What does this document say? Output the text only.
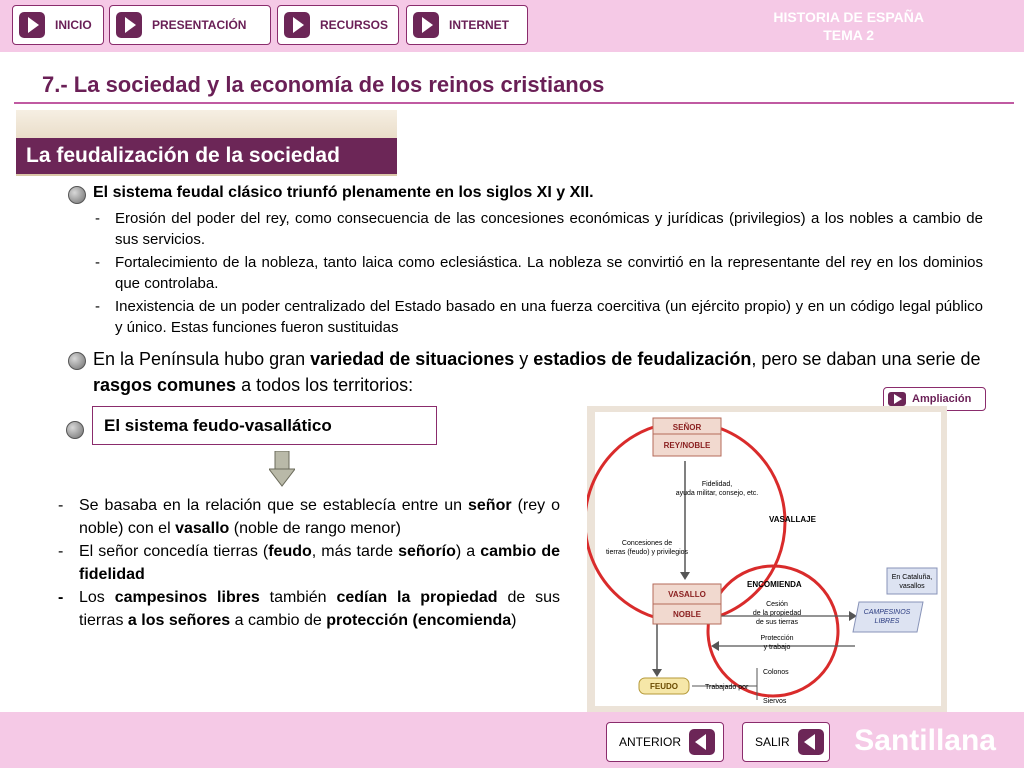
INICIO	PRESENTACIÓN	RECURSOS	INTERNET	HISTORIA DE ESPAÑA
TEMA 2
7.- La sociedad y la economía de los reinos cristianos
La feudalización de la sociedad
El sistema feudal clásico triunfó plenamente en los siglos XI y XII.
- Erosión del poder del rey, como consecuencia de las concesiones económicas y jurídicas (privilegios) a los nobles a cambio de sus servicios.
- Fortalecimiento de la nobleza, tanto laica como eclesiástica. La nobleza se convirtió en la representante del rey en los dominios que controlaba.
- Inexistencia de un poder centralizado del Estado basado en una fuerza coercitiva (un ejército propio) y en un código legal público y único. Estas funciones fueron sustituidas
En la Península hubo gran variedad de situaciones y estadios de feudalización, pero se daban una serie de rasgos comunes a todos los territorios:
Ampliación
El sistema feudo-vasallático
- Se basaba en la relación que se establecía entre un señor (rey o noble) con el vasallo (noble de rango menor)
- El señor concedía tierras (feudo, más tarde señorío) a cambio de fidelidad
- Los campesinos libres también cedían la propiedad de sus tierras a los señores a cambio de protección (encomienda)
SEÑOR
REY/NOBLE
Fidelidad,
ayuda militar, consejo, etc.
VASALLAJE
Concesiones de
tierras (feudo) y privilegios
ENCOMIENDA
VASALLO
NOBLE
Cesión
de la propiedad
de sus tierras
Protección
y trabajo
En Cataluña,
vasallos
CAMPESINOS
LIBRES
FEUDO	Trabajado por
Colonos
Siervos
ANTERIOR	SALIR Santillana
